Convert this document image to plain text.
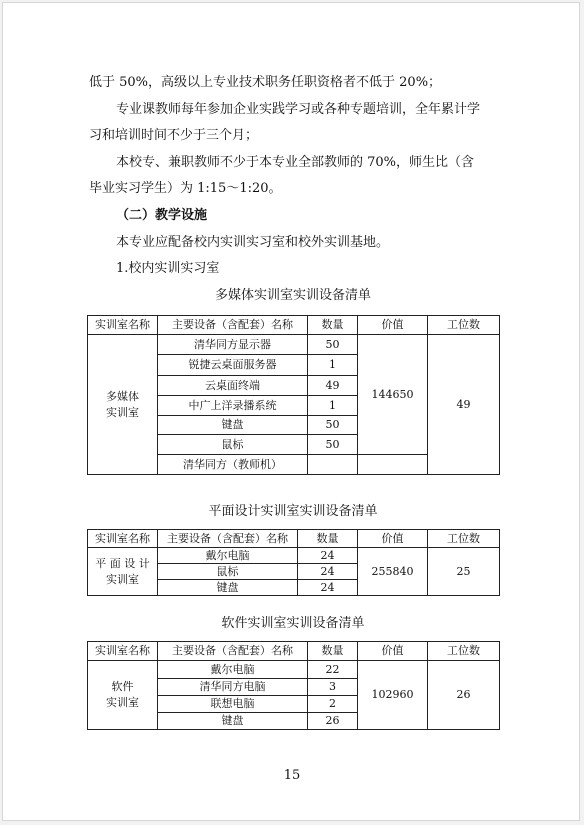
低于 50%，高级以上专业技术职务任职资格者不低于 20%；
专业课教师每年参加企业实践学习或各种专题培训，全年累计学
习和培训时间不少于三个月；
本校专、兼职教师不少于本专业全部教师的 70%，师生比（含
毕业实习学生）为 1:15～1:20。
（二）教学设施
本专业应配备校内实训实习室和校外实训基地。
1.校内实训实习室
多媒体实训室实训设备清单
实训室名称	主要设备（含配套）名称	数量	价值	工位数
多媒体
实训室	清华同方显示器	50	144650	49
	锐捷云桌面服务器	1		
	云桌面终端	49		
	中广上洋录播系统	1		
	键盘	50		
	鼠标	50		
	清华同方（教师机）			
平面设计实训室实训设备清单
实训室名称	主要设备（含配套）名称	数量	价值	工位数
平 面 设 计
实训室	戴尔电脑	24	255840	25
	鼠标	24		
	键盘	24		
软件实训室实训设备清单
实训室名称	主要设备（含配套）名称	数量	价值	工位数
软件
实训室	戴尔电脑	22	102960	26
	清华同方电脑	3		
	联想电脑	2		
	键盘	26		
15
